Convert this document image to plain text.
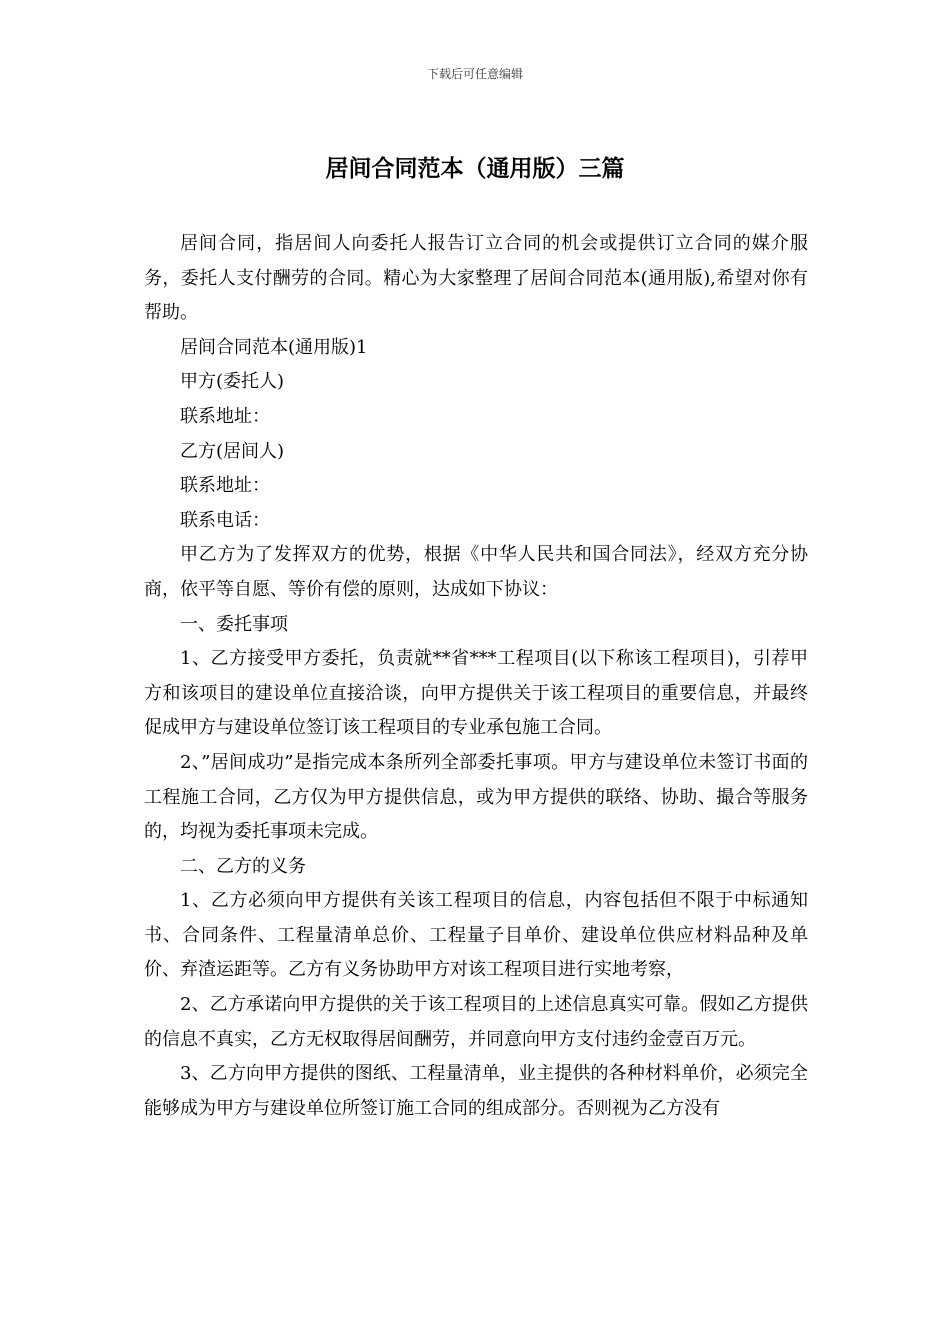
下载后可任意编辑
居间合同范本（通用版）三篇

居间合同，指居间人向委托人报告订立合同的机会或提供订立合同的媒介服务，委托人支付酬劳的合同。精心为大家整理了居间合同范本(通用版),希望对你有帮助。

居间合同范本(通用版)1

甲方(委托人)

联系地址：

乙方(居间人)

联系地址：

联系电话：

甲乙方为了发挥双方的优势，根据《中华人民共和国合同法》，经双方充分协商，依平等自愿、等价有偿的原则，达成如下协议：

一、委托事项

1、乙方接受甲方委托，负责就**省***工程项目(以下称该工程项目)，引荐甲方和该项目的建设单位直接洽谈，向甲方提供关于该工程项目的重要信息，并最终促成甲方与建设单位签订该工程项目的专业承包施工合同。

2、”居间成功”是指完成本条所列全部委托事项。甲方与建设单位未签订书面的工程施工合同，乙方仅为甲方提供信息，或为甲方提供的联络、协助、撮合等服务的，均视为委托事项未完成。

二、乙方的义务

1、乙方必须向甲方提供有关该工程项目的信息，内容包括但不限于中标通知书、合同条件、工程量清单总价、工程量子目单价、建设单位供应材料品种及单价、弃渣运距等。乙方有义务协助甲方对该工程项目进行实地考察，

2、乙方承诺向甲方提供的关于该工程项目的上述信息真实可靠。假如乙方提供的信息不真实，乙方无权取得居间酬劳，并同意向甲方支付违约金壹百万元。

3、乙方向甲方提供的图纸、工程量清单，业主提供的各种材料单价，必须完全能够成为甲方与建设单位所签订施工合同的组成部分。否则视为乙方没有
